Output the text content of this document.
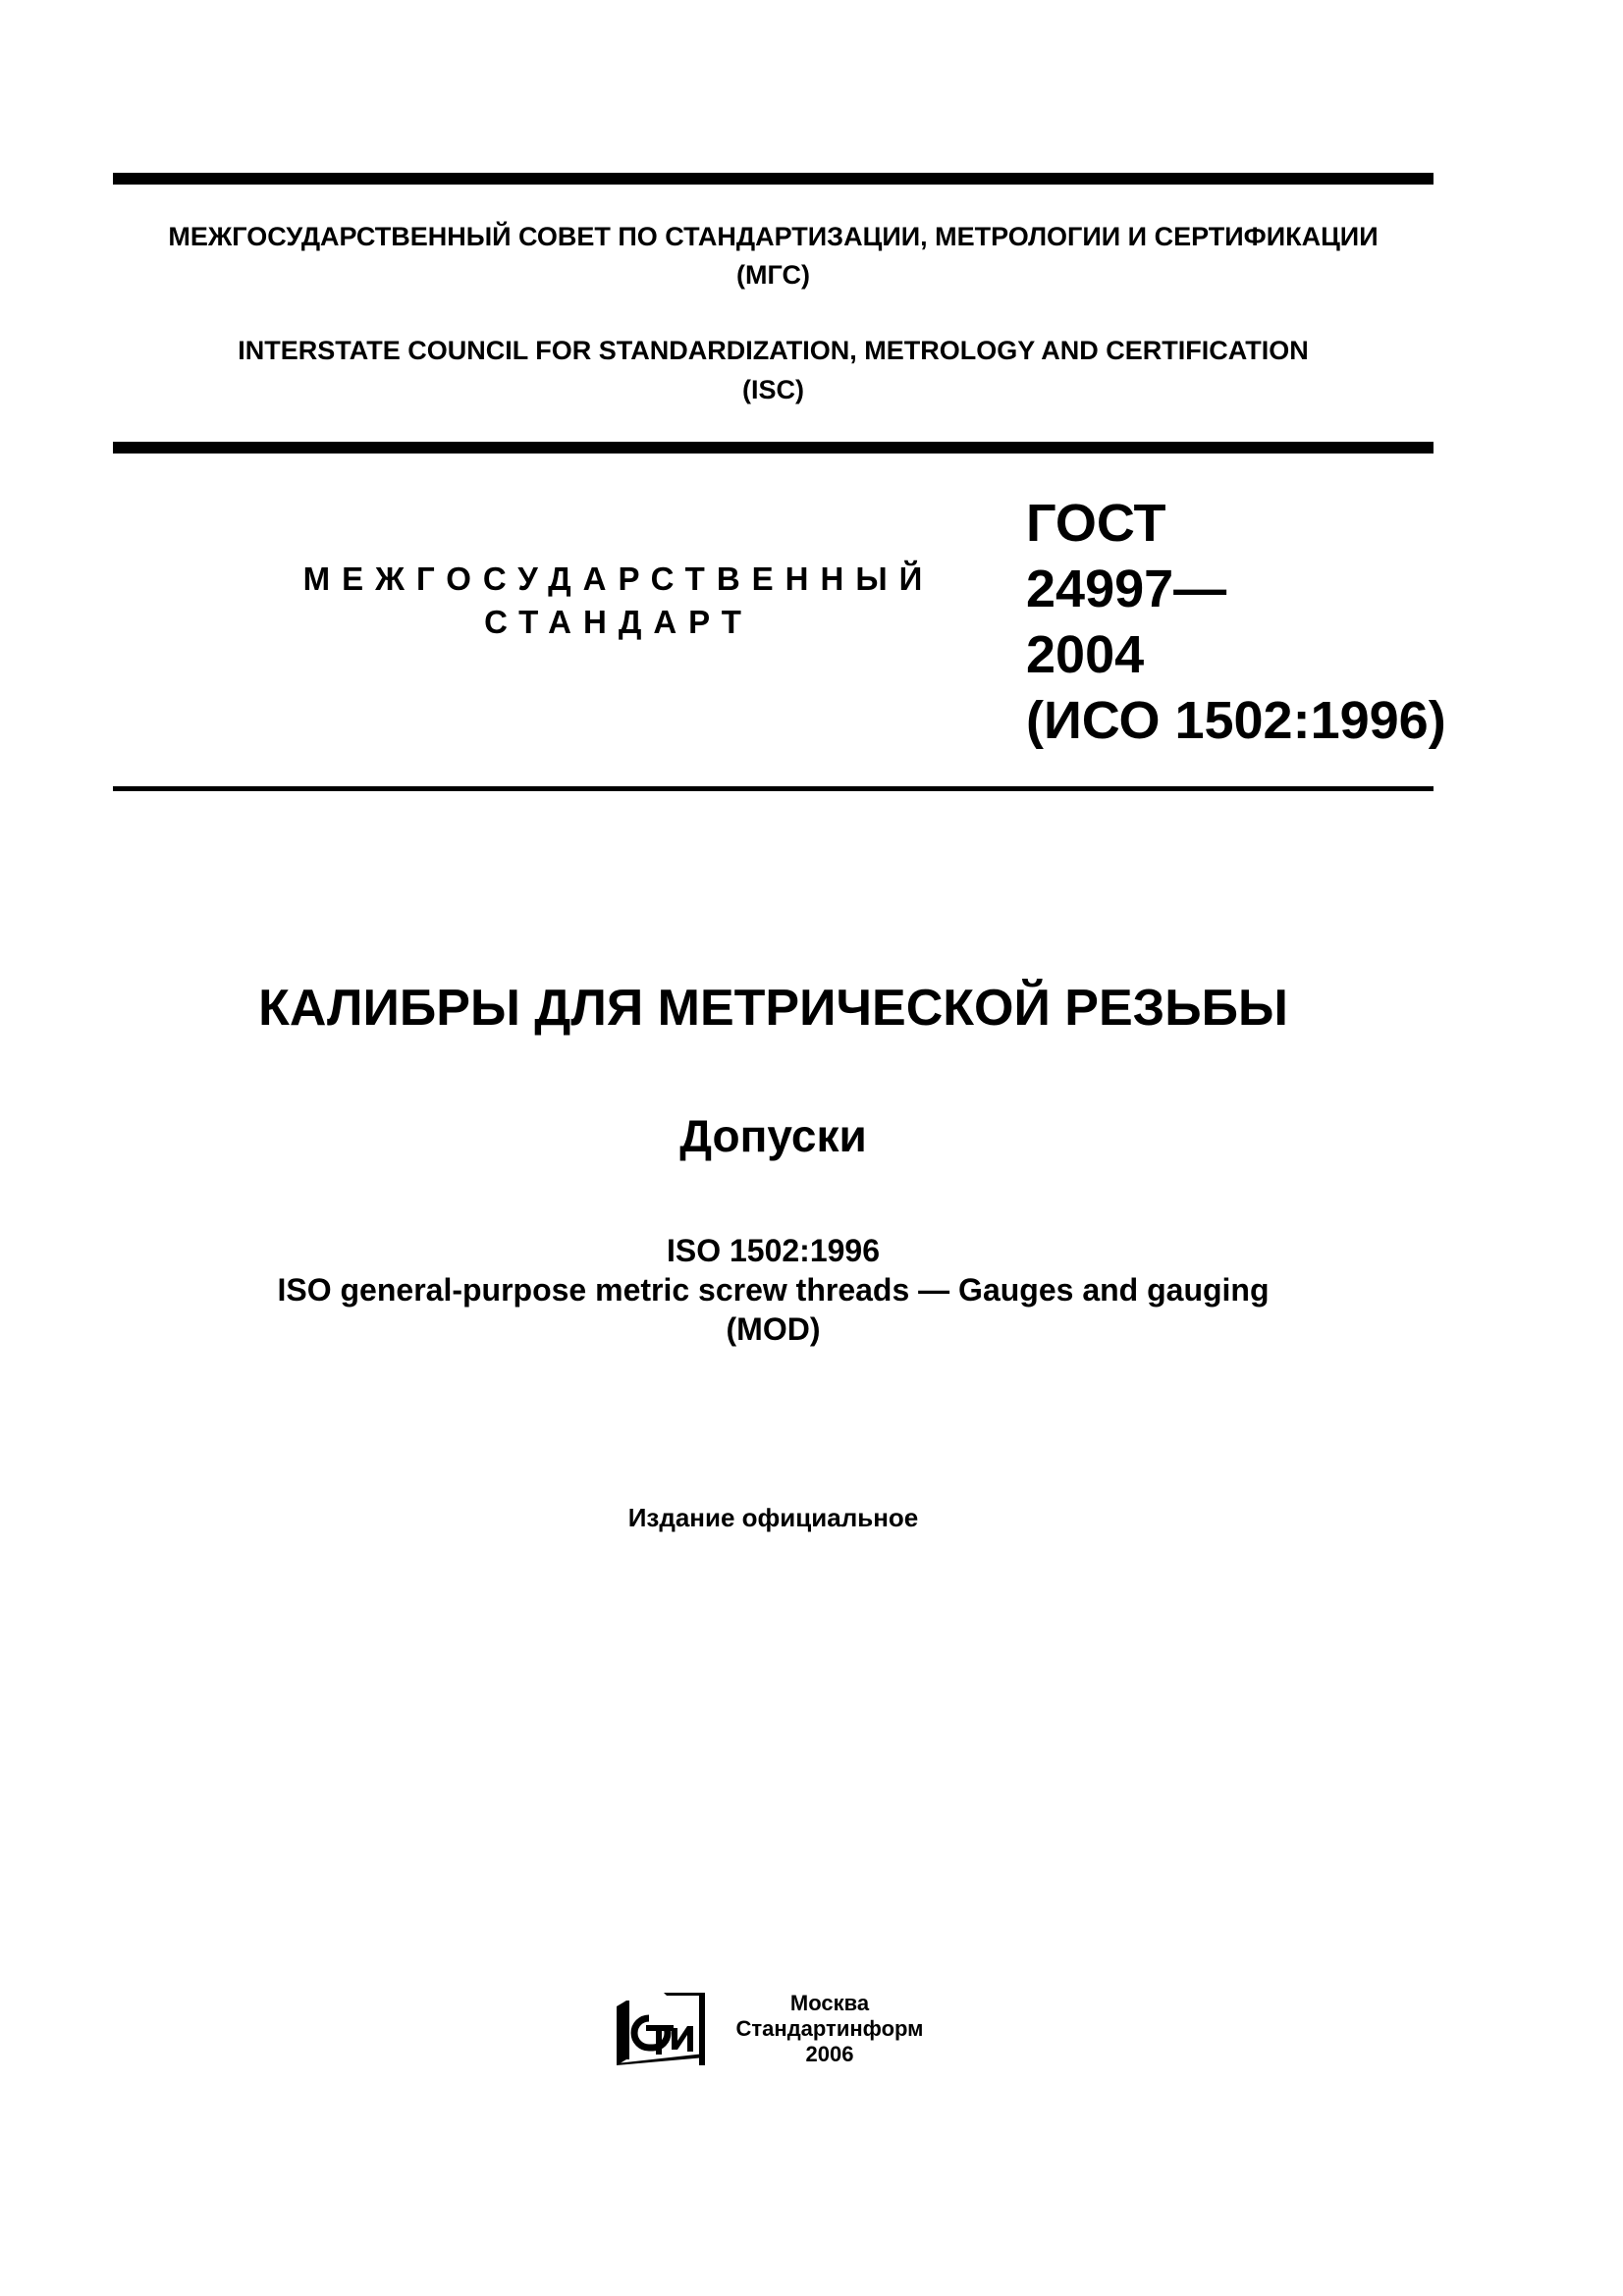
МЕЖГОСУДАРСТВЕННЫЙ СОВЕТ ПО СТАНДАРТИЗАЦИИ, МЕТРОЛОГИИ И СЕРТИФИКАЦИИ
(МГС)
INTERSTATE COUNCIL FOR STANDARDIZATION, METROLOGY AND CERTIFICATION
(ISC)
МЕЖГОСУДАРСТВЕННЫЙ
СТАНДАРТ
ГОСТ
24997—
2004
(ИСО 1502:1996)
КАЛИБРЫ ДЛЯ МЕТРИЧЕСКОЙ РЕЗЬБЫ
Допуски
ISO 1502:1996
ISO general-purpose metric screw threads — Gauges and gauging
(MOD)
Издание официальное
Москва
Стандартинформ
2006
